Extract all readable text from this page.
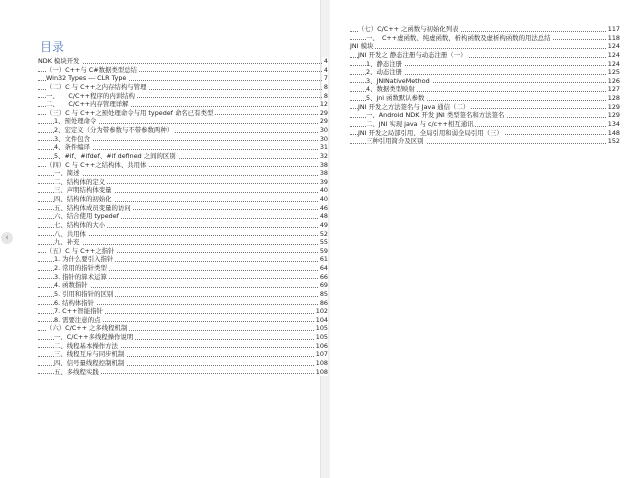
目录
NDK 模块开发	4
（一）C++与 C#数据类型总结	4
Win32 Types --- CLR Type	7
（二）C 与 C++之内存结构与管理	8
一、　　C/C++程序的内训结构	8
二、　　C/C++内存管理详解	12
（三）C 与 C++之预处理命令与用 typedef 命名已有类型	29
1、预处理命令	29
2、宏定义（分为带参数与不带参数两种）	30
3、文件包含	30
4、条件编译	31
5、#if、#ifdef、#if defined 之间的区别	32
（四）C 与 C++之结构体、共用体	38
一、简述	38
二、结构体的定义	39
三、声明结构体变量	40
四、结构体的初始化	40
五、结构体成员变量的访问	46
六、结合使用 typedef	48
七、结构体的大小	49
八、共用体	52
九、补充	55
（五）C 与 C++之指针	59
1. 为什么要引入指针	61
2. 常用的指针类型	64
3. 指针的算术运算	66
4. 函数指针	69
5. 引用和指针的区别	85
6. 结构体指针	86
7. C++智能指针	102
8. 需要注意的点	104
（六）C/C++ 之多线程机制	105
一、C/C++多线程操作说明	105
二、线程基本操作方法	106
三、线程互斥与同步机制	107
四、信号量线程控制机制	108
五、多线程实践	108
（七）C/C++ 之函数与初始化列表	117
一、　C++虚函数、纯虚函数、析构函数及虚析构函数的用法总结	118
JNI 模块	124
JNI 开发之 静态注册与动态注册（一）	124
1、静态注册	124
2、动态注册	125
3、JNINativeMethod	126
4、数据类型映射	127
5、jni 函数默认参数	128
JNI 开发之方法签名与 Java 通信（二）	129
一、Android NDK 开发 JNI 类型签名和方法签名	129
二、JNI 实现 java 与 c/c++相互通讯	134
JNI 开发之局部引用、全局引用和弱全局引用（三）	148
三种引用简介及区别	152
‹
